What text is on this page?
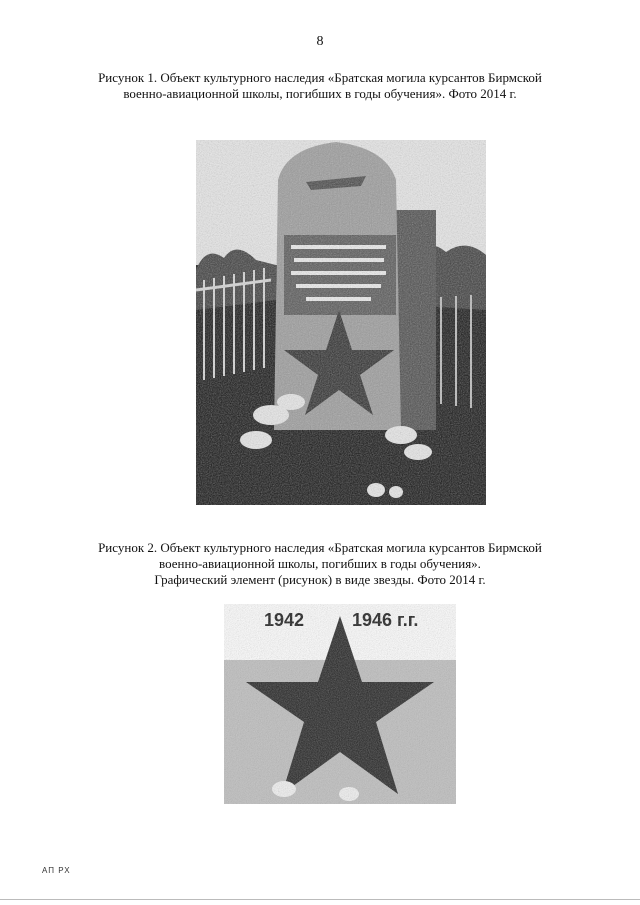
8
Рисунок 1. Объект культурного наследия «Братская могила курсантов Бирмской
военно-авиационной школы, погибших в годы обучения». Фото 2014 г.
Рисунок 2. Объект культурного наследия «Братская могила курсантов Бирмской
военно-авиационной школы, погибших в годы обучения».
Графический элемент (рисунок) в виде звезды. Фото 2014 г.
АП РХ
